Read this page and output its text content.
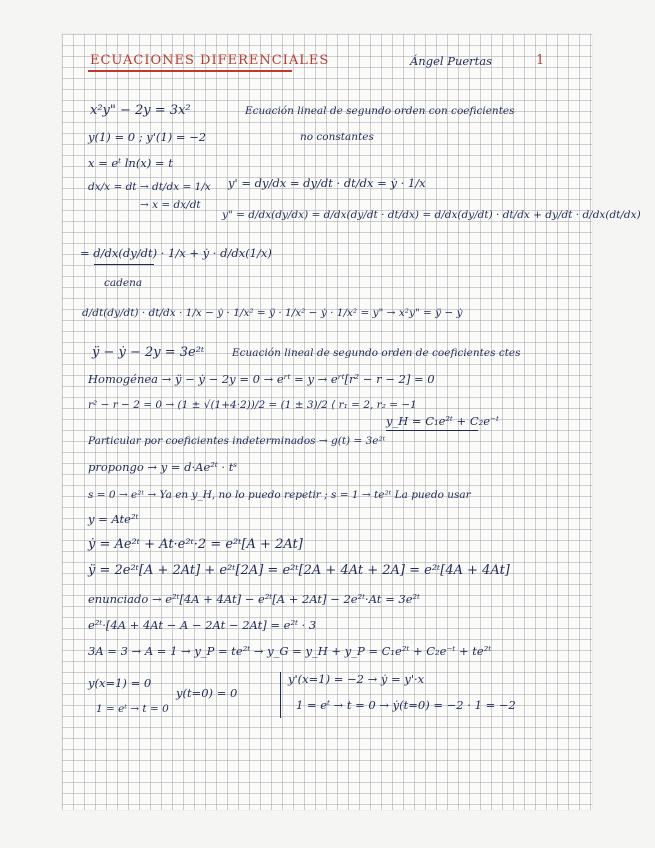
ECUACIONES DIFERENCIALES	Ángel Puertas	1
x²y" − 2y = 3x²	Ecuación lineal de segundo orden con coeficientes
no constantes
y(1) = 0 ; y'(1) = −2
x = eᵗ ln(x) = t
dx/x = dt → dt/dx = 1/x
→ x = dx/dt
y' = dy/dx = dy/dt · dt/dx = ẏ · 1/x
y" = d/dx(dy/dx) = d/dx(dy/dt · dt/dx) = d/dx(dy/dt) · dt/dx + dy/dt · d/dx(dt/dx)
= d/dx(dy/dt) · 1/x + ẏ · d/dx(1/x)
cadena
d/dt(dy/dt) · dt/dx · 1/x − ẏ · 1/x² = ÿ · 1/x² − ẏ · 1/x² = y" → x²y" = ÿ − ẏ
ÿ − ẏ − 2y = 3e²ᵗ	Ecuación lineal de segundo orden de coeficientes ctes
Homogénea → ÿ − ẏ − 2y = 0 → eʳᵗ = y → eʳᵗ[r² − r − 2] = 0
r² − r − 2 = 0 → (1 ± √(1+4·2))/2 = (1 ± 3)/2 ⟨ r₁ = 2, r₂ = −1
y_H = C₁e²ᵗ + C₂e⁻ᵗ
Particular por coeficientes indeterminados → g(t) = 3e²ᵗ
propongo → y = d·Ae²ᵗ · tˢ
s = 0 → e²ᵗ → Ya en y_H, no lo puedo repetir ; s = 1 → te²ᵗ La puedo usar
y = Ate²ᵗ
ẏ = Ae²ᵗ + At·e²ᵗ·2 = e²ᵗ[A + 2At]
ÿ = 2e²ᵗ[A + 2At] + e²ᵗ[2A] = e²ᵗ[2A + 4At + 2A] = e²ᵗ[4A + 4At]
enunciado → e²ᵗ[4A + 4At] − e²ᵗ[A + 2At] − 2e²ᵗ·At = 3e²ᵗ
e²ᵗ·[4A + 4At − A − 2At − 2At] = e²ᵗ · 3
3A = 3 → A = 1 → y_P = te²ᵗ → y_G = y_H + y_P = C₁e²ᵗ + C₂e⁻ᵗ + te²ᵗ
y(x=1) = 0
1 = eᵗ → t = 0
y(t=0) = 0
y'(x=1) = −2 → ẏ = y'·x
1 = eᵗ → t = 0 → ẏ(t=0) = −2 · 1 = −2
